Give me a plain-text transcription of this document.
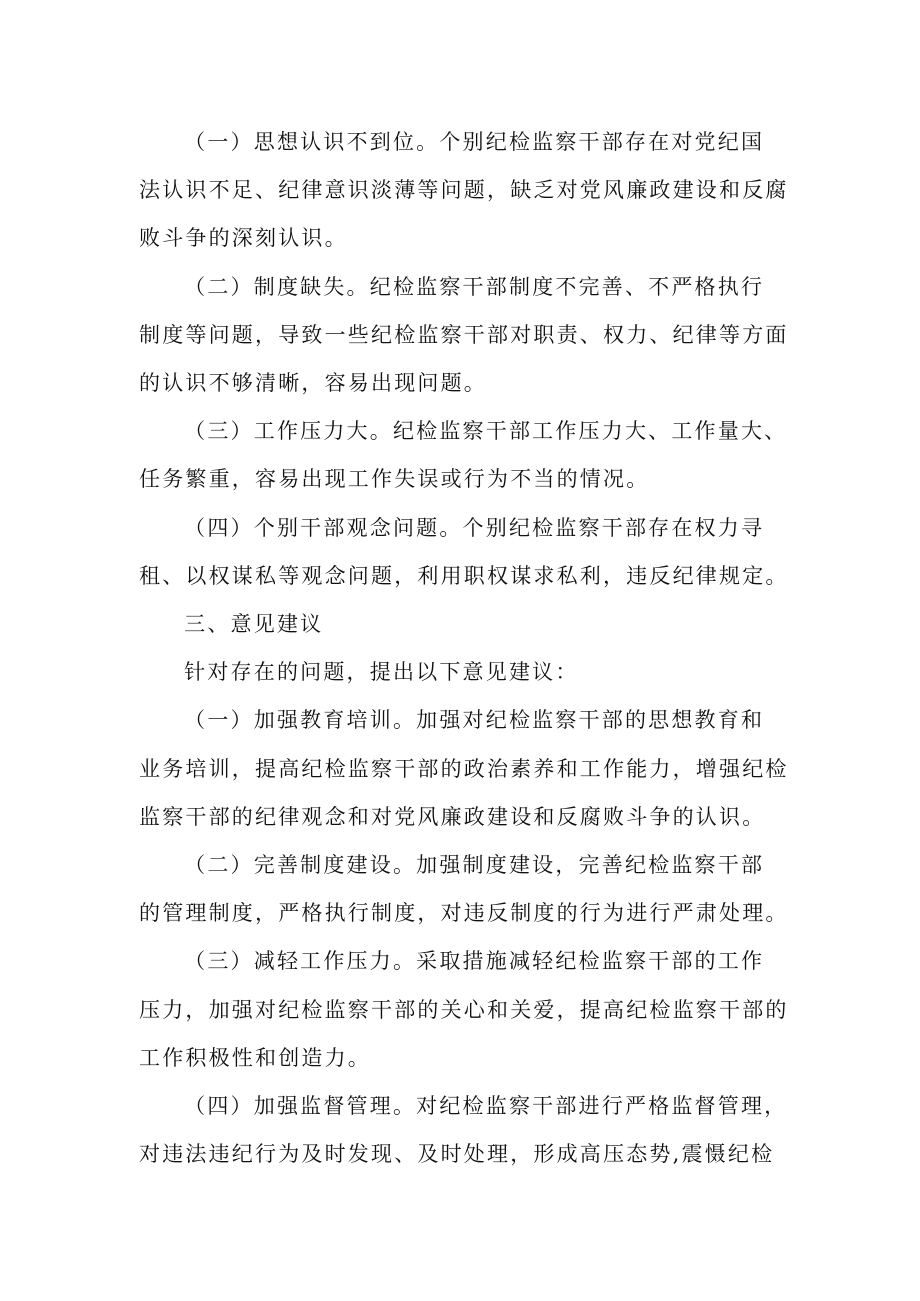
（一）思想认识不到位。个别纪检监察干部存在对党纪国
法认识不足、纪律意识淡薄等问题，缺乏对党风廉政建设和反腐
败斗争的深刻认识。

（二）制度缺失。纪检监察干部制度不完善、不严格执行
制度等问题，导致一些纪检监察干部对职责、权力、纪律等方面
的认识不够清晰，容易出现问题。

（三）工作压力大。纪检监察干部工作压力大、工作量大、
任务繁重，容易出现工作失误或行为不当的情况。

（四）个别干部观念问题。个别纪检监察干部存在权力寻
租、以权谋私等观念问题，利用职权谋求私利，违反纪律规定。

三、意见建议

针对存在的问题，提出以下意见建议：

（一）加强教育培训。加强对纪检监察干部的思想教育和
业务培训，提高纪检监察干部的政治素养和工作能力，增强纪检
监察干部的纪律观念和对党风廉政建设和反腐败斗争的认识。

（二）完善制度建设。加强制度建设，完善纪检监察干部
的管理制度，严格执行制度，对违反制度的行为进行严肃处理。

（三）减轻工作压力。采取措施减轻纪检监察干部的工作
压力，加强对纪检监察干部的关心和关爱，提高纪检监察干部的
工作积极性和创造力。

（四）加强监督管理。对纪检监察干部进行严格监督管理，
对违法违纪行为及时发现、及时处理，形成高压态势,震慑纪检
